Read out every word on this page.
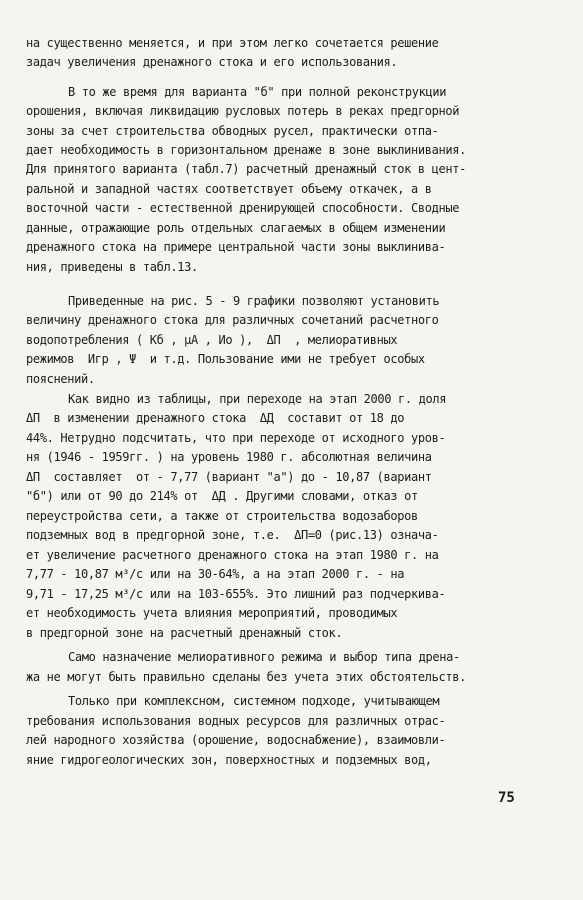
на существенно меняется, и при этом легко сочетается решение
задач увеличения дренажного стока и его использования.
В то же время для варианта "б" при полной реконструкции
орошения, включая ликвидацию русловых потерь в реках предгорной
зоны за счет строительства обводных русел, практически отпа-
дает необходимость в горизонтальном дренаже в зоне выклинивания.
Для принятого варианта (табл.7) расчетный дренажный сток в цент-
ральной и западной частях соответствует объему откачек, а в
восточной части - естественной дренирующей способности. Сводные
данные, отражающие роль отдельных слагаемых в общем изменении
дренажного стока на примере центральной части зоны выклинива-
ния, приведены в табл.13.
Приведенные на рис. 5 - 9 графики позволяют установить
величину дренажного стока для различных сочетаний расчетного
водопотребления ( Кб , μА , Ио ),  ΔП  , мелиоративных
режимов  Игр , Ψ  и т.д. Пользование ими не требует особых
пояснений.
Как видно из таблицы, при переходе на этап 2000 г. доля
ΔП  в изменении дренажного стока  ΔД  составит от 18 до
44%. Нетрудно подсчитать, что при переходе от исходного уров-
ня (1946 - 1959гг. ) на уровень 1980 г. абсолютная величина
ΔП  составляет  от - 7,77 (вариант "а") до - 10,87 (вариант
"б") или от 90 до 214% от  ΔД . Другими словами, отказ от
переустройства сети, а также от строительства водозаборов
подземных вод в предгорной зоне, т.е.  ΔП=0 (рис.13) означа-
ет увеличение расчетного дренажного стока на этап 1980 г. на
7,77 - 10,87 м³/с или на 30-64%, а на этап 2000 г. - на
9,71 - 17,25 м³/с или на 103-655%. Это лишний раз подчеркива-
ет необходимость учета влияния мероприятий, проводимых
в предгорной зоне на расчетный дренажный сток.
Само назначение мелиоративного режима и выбор типа дрена-
жа не могут быть правильно сделаны без учета этих обстоятельств.
Только при комплексном, системном подходе, учитывающем
требования использования водных ресурсов для различных отрас-
лей народного хозяйства (орошение, водоснабжение), взаимовли-
яние гидрогеологических зон, поверхностных и подземных вод,
75
